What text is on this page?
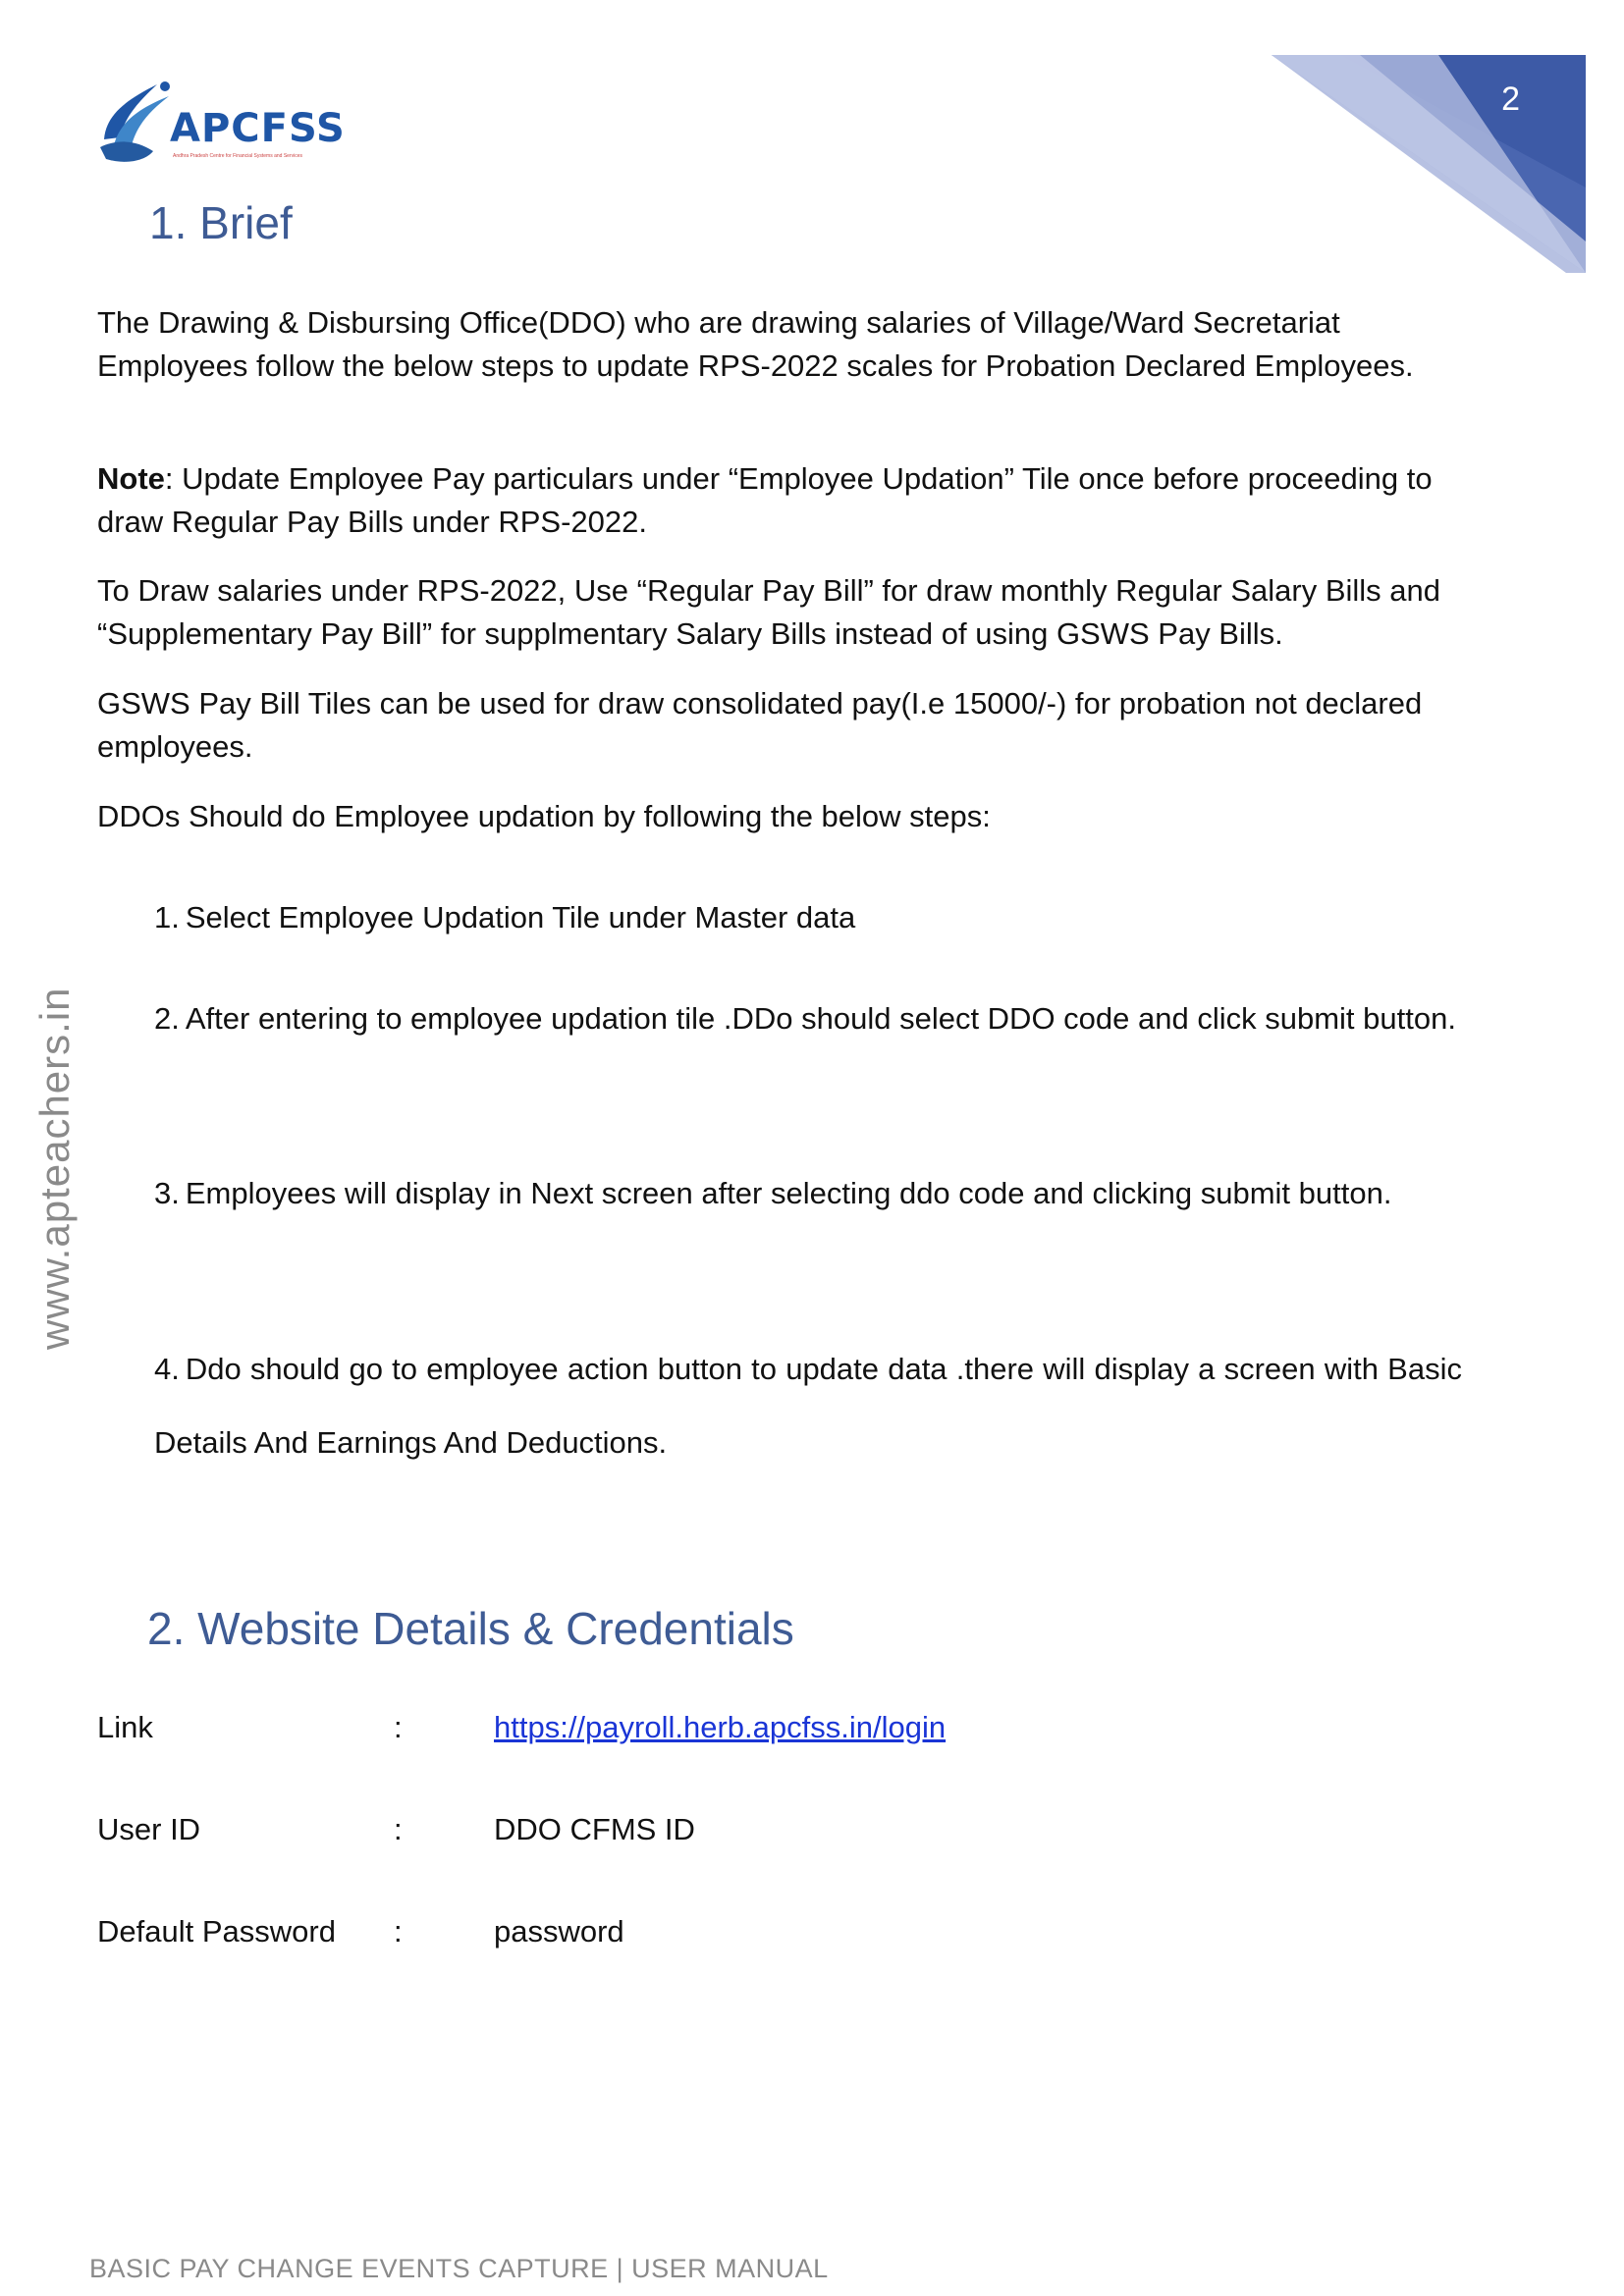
APCFSS
Andhra Pradesh Centre for Financial Systems and Services
2
1. Brief
The Drawing & Disbursing Office(DDO) who are drawing salaries of Village/Ward Secretariat Employees follow the below steps to update RPS-2022 scales for Probation Declared Employees.
Note: Update Employee Pay particulars under “Employee Updation” Tile once before proceeding to draw Regular Pay Bills under RPS-2022.
To Draw salaries under RPS-2022, Use “Regular Pay Bill” for draw monthly Regular Salary Bills and “Supplementary Pay Bill” for supplmentary Salary Bills instead of using GSWS Pay Bills.
GSWS Pay Bill Tiles can be used for draw consolidated pay(I.e 15000/-) for probation not declared employees.
DDOs Should do Employee updation by following the below steps:
1. Select Employee Updation Tile under Master data
2. After entering to employee updation tile .DDo should select DDO code and click submit button.
3. Employees will display in Next screen after selecting ddo code and clicking submit button.
4. Ddo should go to employee action button to update data .there will display a screen with Basic Details And Earnings And Deductions.
www.apteachers.in
2. Website Details & Credentials
Link	:	https://payroll.herb.apcfss.in/login
User ID	:	DDO CFMS ID
Default Password :	password
BASIC PAY CHANGE EVENTS CAPTURE | USER MANUAL
